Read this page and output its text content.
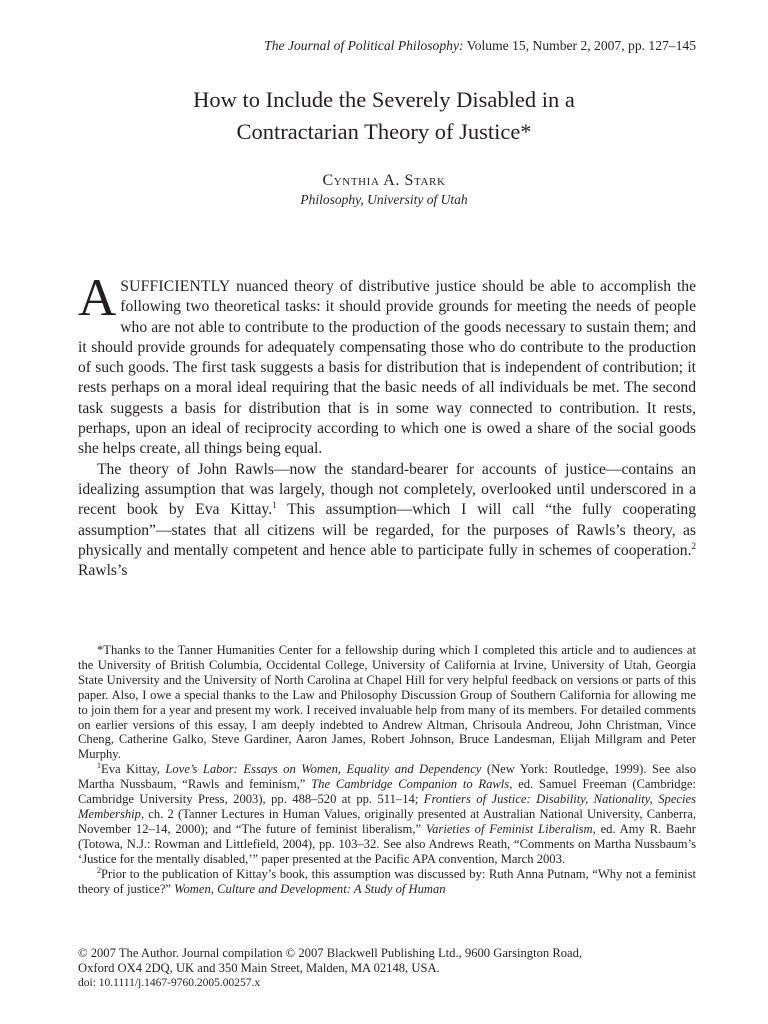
The Journal of Political Philosophy: Volume 15, Number 2, 2007, pp. 127–145
How to Include the Severely Disabled in a
Contractarian Theory of Justice*
Cynthia A. Stark
Philosophy, University of Utah

ASUFFICIENTLY nuanced theory of distributive justice should be able to accomplish the following two theoretical tasks: it should provide grounds for meeting the needs of people who are not able to contribute to the production of the goods necessary to sustain them; and it should provide grounds for adequately compensating those who do contribute to the production of such goods. The first task suggests a basis for distribution that is independent of contribution; it rests perhaps on a moral ideal requiring that the basic needs of all individuals be met. The second task suggests a basis for distribution that is in some way connected to contribution. It rests, perhaps, upon an ideal of reciprocity according to which one is owed a share of the social goods she helps create, all things being equal.

The theory of John Rawls—now the standard-bearer for accounts of justice—contains an idealizing assumption that was largely, though not completely, overlooked until underscored in a recent book by Eva Kittay.$^1$ This assumption—which I will call “the fully cooperating assumption”—states that all citizens will be regarded, for the purposes of Rawls’s theory, as physically and mentally competent and hence able to participate fully in schemes of cooperation.$^2$ Rawls’s

*Thanks to the Tanner Humanities Center for a fellowship during which I completed this article and to audiences at the University of British Columbia, Occidental College, University of California at Irvine, University of Utah, Georgia State University and the University of North Carolina at Chapel Hill for very helpful feedback on versions or parts of this paper. Also, I owe a special thanks to the Law and Philosophy Discussion Group of Southern California for allowing me to join them for a year and present my work. I received invaluable help from many of its members. For detailed comments on earlier versions of this essay, I am deeply indebted to Andrew Altman, Chrisoula Andreou, John Christman, Vince Cheng, Catherine Galko, Steve Gardiner, Aaron James, Robert Johnson, Bruce Landesman, Elijah Millgram and Peter Murphy.

$^1$Eva Kittay, Love’s Labor: Essays on Women, Equality and Dependency (New York: Routledge, 1999). See also Martha Nussbaum, “Rawls and feminism,” The Cambridge Companion to Rawls, ed. Samuel Freeman (Cambridge: Cambridge University Press, 2003), pp. 488–520 at pp. 511–14; Frontiers of Justice: Disability, Nationality, Species Membership, ch. 2 (Tanner Lectures in Human Values, originally presented at Australian National University, Canberra, November 12–14, 2000); and “The future of feminist liberalism,” Varieties of Feminist Liberalism, ed. Amy R. Baehr (Totowa, N.J.: Rowman and Littlefield, 2004), pp. 103–32. See also Andrews Reath, “Comments on Martha Nussbaum’s ‘Justice for the mentally disabled,’” paper presented at the Pacific APA convention, March 2003.

$^2$Prior to the publication of Kittay’s book, this assumption was discussed by: Ruth Anna Putnam, “Why not a feminist theory of justice?” Women, Culture and Development: A Study of Human

© 2007 The Author. Journal compilation © 2007 Blackwell Publishing Ltd., 9600 Garsington Road,
Oxford OX4 2DQ, UK and 350 Main Street, Malden, MA 02148, USA.
doi: 10.1111/j.1467-9760.2005.00257.x
